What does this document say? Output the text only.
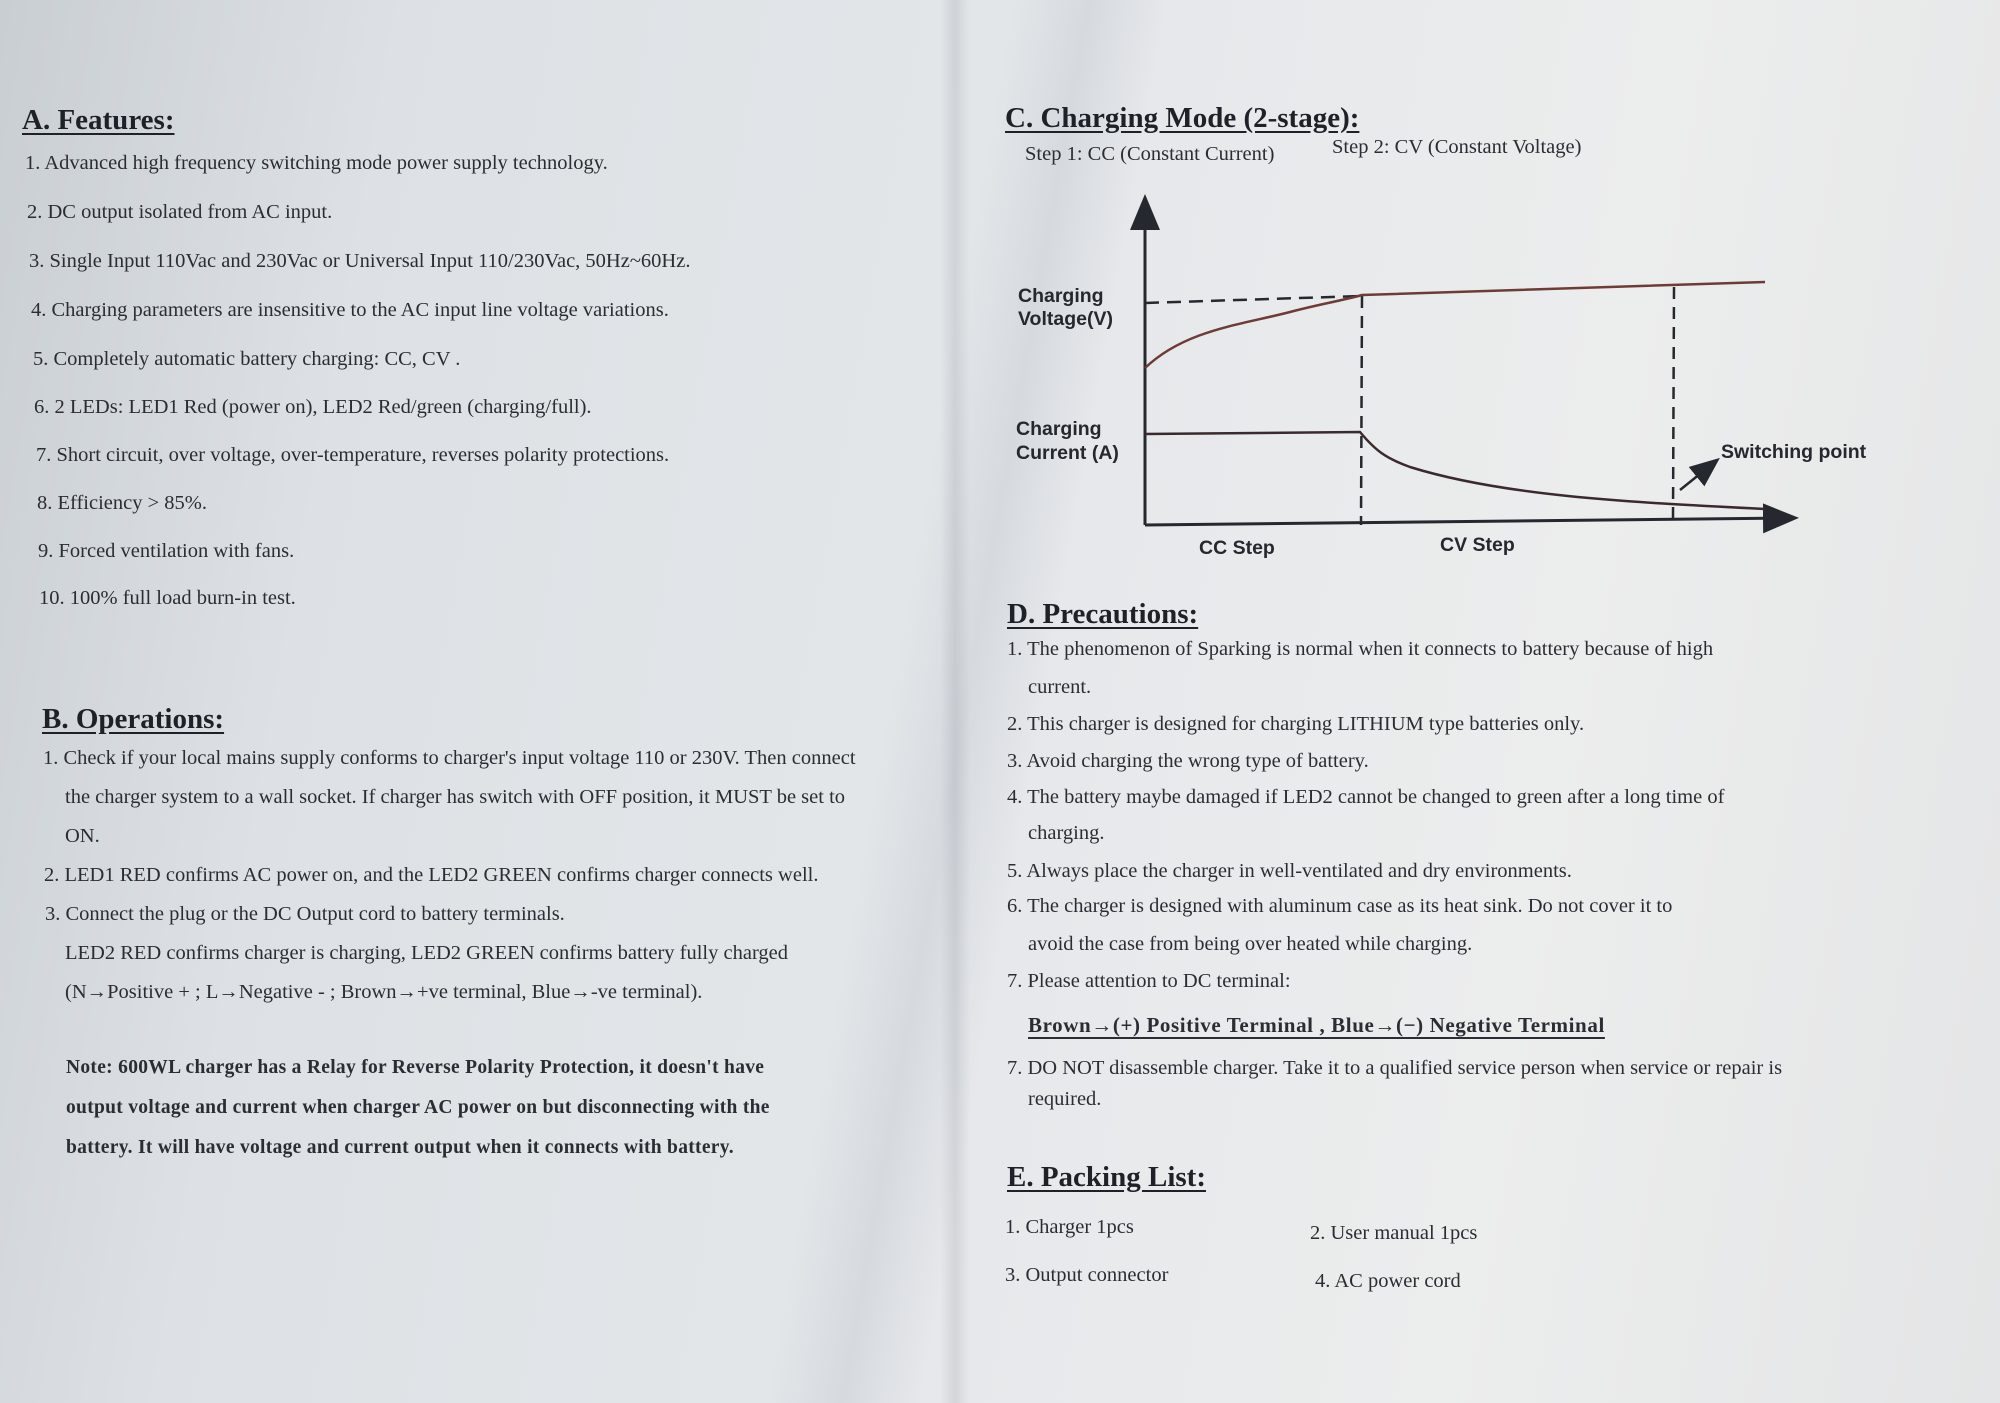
A. Features:
1. Advanced high frequency switching mode power supply technology.
2. DC output isolated from AC input.
3. Single Input 110Vac and 230Vac or Universal Input 110/230Vac, 50Hz~60Hz.
4. Charging parameters are insensitive to the AC input line voltage variations.
5. Completely automatic battery charging: CC, CV .
6. 2 LEDs: LED1 Red (power on), LED2 Red/green (charging/full).
7. Short circuit, over voltage, over-temperature, reverses polarity protections.
8. Efficiency > 85%.
9. Forced ventilation with fans.
10. 100% full load burn-in test.
B. Operations:
1. Check if your local mains supply conforms to charger's input voltage 110 or 230V. Then connect
the charger system to a wall socket. If charger has switch with OFF position, it MUST be set to
ON.
2. LED1 RED confirms AC power on, and the LED2 GREEN confirms charger connects well.
3. Connect the plug or the DC Output cord to battery terminals.
LED2 RED confirms charger is charging, LED2 GREEN confirms battery fully charged
(N→Positive + ; L→Negative - ; Brown→+ve terminal, Blue→-ve terminal).
Note: 600WL charger has a Relay for Reverse Polarity Protection, it doesn't have
output voltage and current when charger AC power on but disconnecting with the
battery. It will have voltage and current output when it connects with battery.
C. Charging Mode (2-stage):
Step 1: CC (Constant Current)	Step 2: CV (Constant Voltage)
Charging
Voltage(V)
Charging
Current (A)
CC Step	CV Step
Switching point
D. Precautions:
1. The phenomenon of Sparking is normal when it connects to battery because of high
current.
2. This charger is designed for charging LITHIUM type batteries only.
3. Avoid charging the wrong type of battery.
4. The battery maybe damaged if LED2 cannot be changed to green after a long time of
charging.
5. Always place the charger in well-ventilated and dry environments.
6. The charger is designed with aluminum case as its heat sink. Do not cover it to
avoid the case from being over heated while charging.
7. Please attention to DC terminal:
Brown→(+) Positive Terminal , Blue→(−) Negative Terminal
7. DO NOT disassemble charger. Take it to a qualified service person when service or repair is
required.
E. Packing List:
1. Charger 1pcs	2. User manual 1pcs
3. Output connector	4. AC power cord
